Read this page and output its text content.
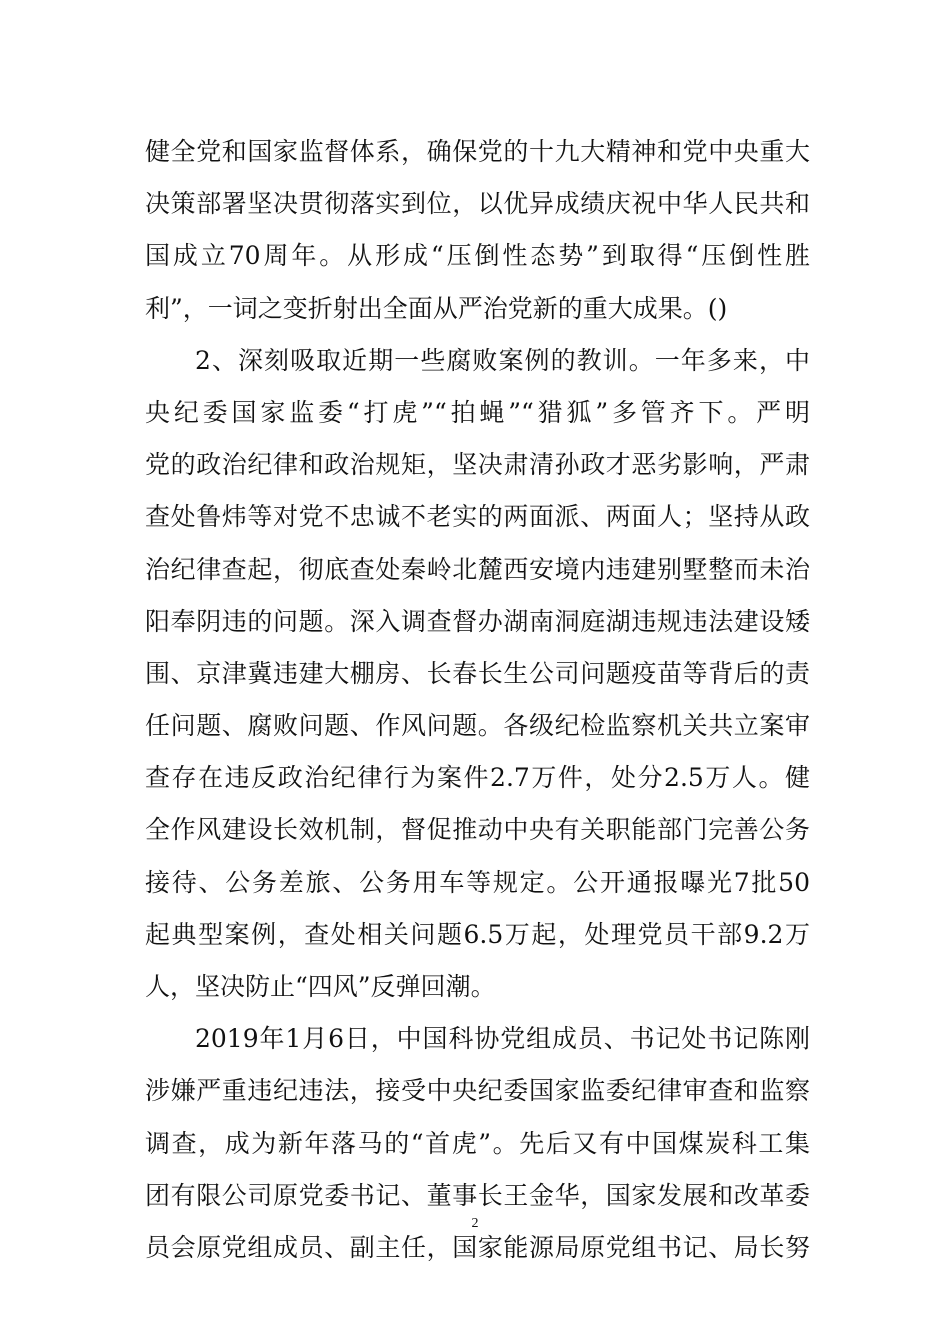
健全党和国家监督体系，确保党的十九大精神和党中央重大
决策部署坚决贯彻落实到位，以优异成绩庆祝中华人民共和
国成立70周年。从形成“压倒性态势”到取得“压倒性胜
利”，一词之变折射出全面从严治党新的重大成果。()
2、深刻吸取近期一些腐败案例的教训。一年多来，中
央纪委国家监委“打虎”“拍蝇”“猎狐”多管齐下。严明
党的政治纪律和政治规矩，坚决肃清孙政才恶劣影响，严肃
查处鲁炜等对党不忠诚不老实的两面派、两面人；坚持从政
治纪律查起，彻底查处秦岭北麓西安境内违建别墅整而未治
阳奉阴违的问题。深入调查督办湖南洞庭湖违规违法建设矮
围、京津冀违建大棚房、长春长生公司问题疫苗等背后的责
任问题、腐败问题、作风问题。各级纪检监察机关共立案审
查存在违反政治纪律行为案件2.7万件，处分2.5万人。健
全作风建设长效机制，督促推动中央有关职能部门完善公务
接待、公务差旅、公务用车等规定。公开通报曝光7批50
起典型案例，查处相关问题6.5万起，处理党员干部9.2万
人，坚决防止“四风”反弹回潮。
2019年1月6日，中国科协党组成员、书记处书记陈刚
涉嫌严重违纪违法，接受中央纪委国家监委纪律审查和监察
调查，成为新年落马的“首虎”。先后又有中国煤炭科工集
团有限公司原党委书记、董事长王金华，国家发展和改革委
员会原党组成员、副主任，国家能源局原党组书记、局长努
2
